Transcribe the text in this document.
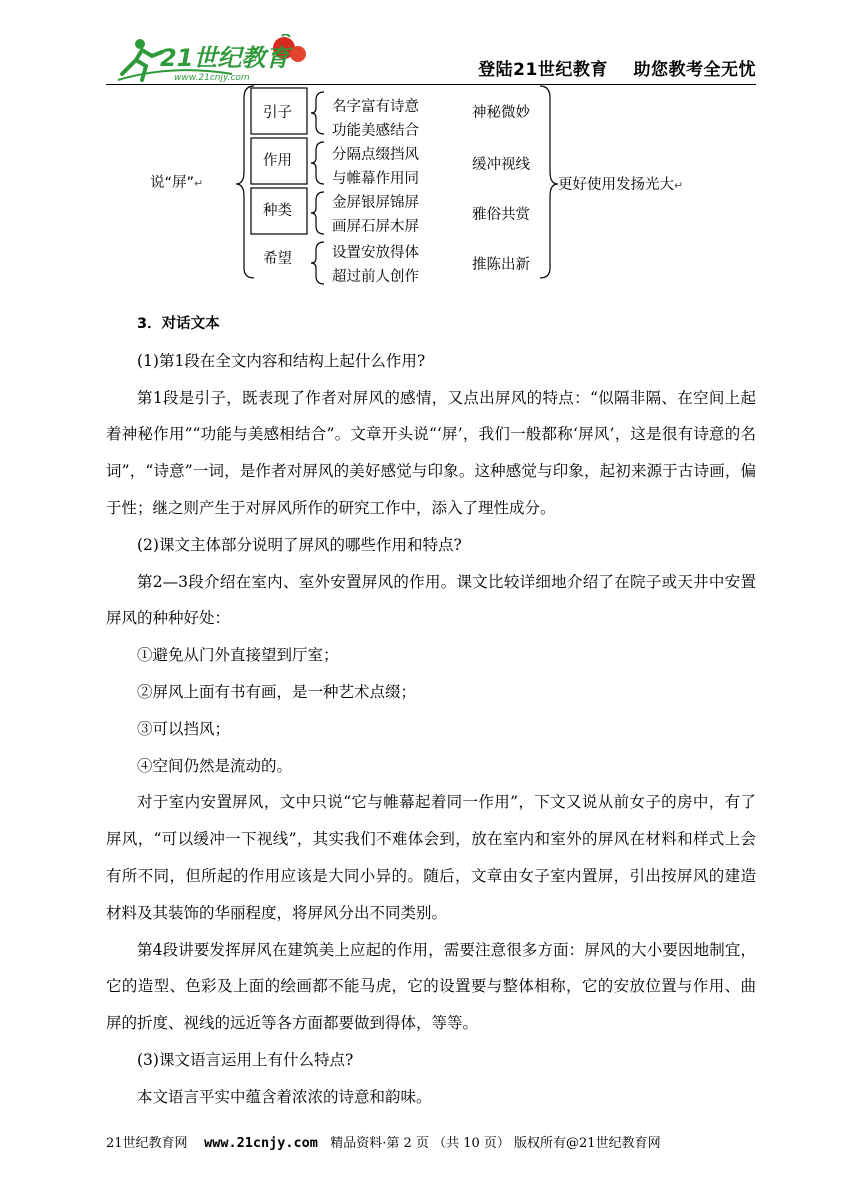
21世纪教育
www.21cnjy.com	登陆21世纪教育    助您教考全无忧
说“屏”↵
引子
作用
种类
希望
名字富有诗意
功能美感结合
分隔点缀挡风
与帷幕作用同
金屏银屏锦屏
画屏石屏木屏
设置安放得体
超过前人创作
神秘微妙
缓冲视线
雅俗共赏
推陈出新
更好使用发扬光大↵

3．对话文本

(1)第1段在全文内容和结构上起什么作用?

第1段是引子，既表现了作者对屏风的感情，又点出屏风的特点：“似隔非隔、在空间上起着神秘作用”“功能与美感相结合”。文章开头说“‘屏’，我们一般都称‘屏风’，这是很有诗意的名词”，“诗意”一词，是作者对屏风的美好感觉与印象。这种感觉与印象，起初来源于古诗画，偏于性；继之则产生于对屏风所作的研究工作中，添入了理性成分。

(2)课文主体部分说明了屏风的哪些作用和特点?

第2—3段介绍在室内、室外安置屏风的作用。课文比较详细地介绍了在院子或天井中安置屏风的种种好处：

①避免从门外直接望到厅室；

②屏风上面有书有画，是一种艺术点缀；

③可以挡风；

④空间仍然是流动的。

对于室内安置屏风，文中只说“它与帷幕起着同一作用”，下文又说从前女子的房中，有了屏风，“可以缓冲一下视线”，其实我们不难体会到，放在室内和室外的屏风在材料和样式上会有所不同，但所起的作用应该是大同小异的。随后，文章由女子室内置屏，引出按屏风的建造材料及其装饰的华丽程度，将屏风分出不同类别。

第4段讲要发挥屏风在建筑美上应起的作用，需要注意很多方面：屏风的大小要因地制宜，它的造型、色彩及上面的绘画都不能马虎，它的设置要与整体相称，它的安放位置与作用、曲屏的折度、视线的远近等各方面都要做到得体，等等。

(3)课文语言运用上有什么特点?

本文语言平实中蕴含着浓浓的诗意和韵味。

21世纪教育网 www.21cnjy.com 精品资料·第 2 页 （共 10 页） 版权所有@21世纪教育网
